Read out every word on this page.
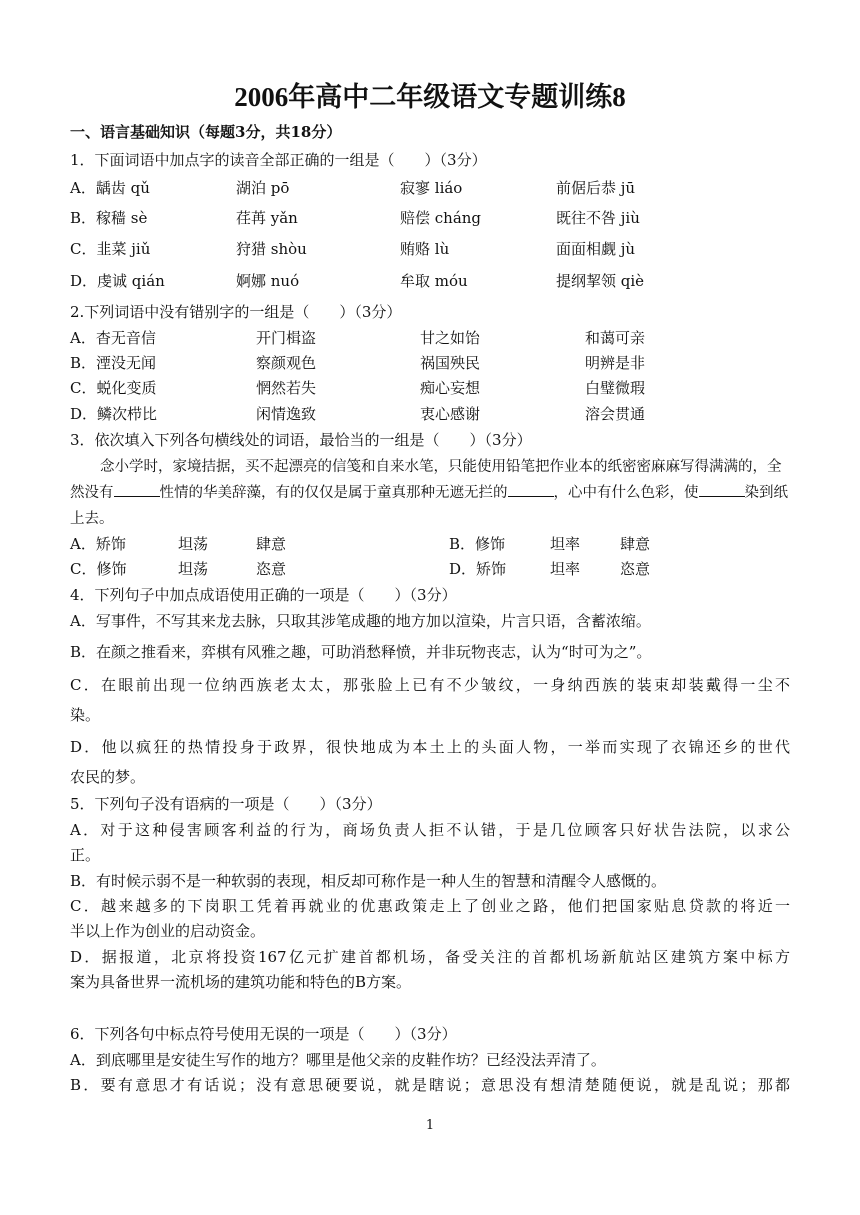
2006年高中二年级语文专题训练8
一、语言基础知识（每题3分，共18分）
1．下面词语中加点字的读音全部正确的一组是（　　）（3分）
A．龋齿 qǔ	湖泊 pō	寂寥 liáo	前倨后恭 jū
B．稼穑 sè	荏苒 yǎn	赔偿 cháng	既往不咎 jiù
C．韭菜 jiǔ	狩猎 shòu	贿赂 lù	面面相觑 jù
D．虔诚 qián	婀娜 nuó	牟取 móu	提纲挈领 qiè
2.下列词语中没有错别字的一组是（　　）（3分）
A．杳无音信	开门楫盗	甘之如饴	和蔼可亲
B．湮没无闻	察颜观色	祸国殃民	明辨是非
C．蜕化变质	惘然若失	痴心妄想	白璧微瑕
D．鳞次栉比	闲情逸致	衷心感谢	溶会贯通
3．依次填入下列各句横线处的词语，最恰当的一组是（　　）（3分）
念小学时，家境拮据，买不起漂亮的信笺和自来水笔，只能使用铅笔把作业本的纸密密麻麻写得满满的，全然没有	性情的华美辞藻，有的仅仅是属于童真那种无遮无拦的	，心中有什么色彩，使	染到纸上去。
A．矫饰	坦荡	肆意	B．修饰	坦率	肆意
C．修饰	坦荡	恣意	D．矫饰	坦率	恣意
4．下列句子中加点成语使用正确的一项是（　　）（3分）
A．写事件，不写其来龙去脉，只取其涉笔成趣的地方加以渲染，片言只语，含蓄浓缩。
B．在颜之推看来，弈棋有风雅之趣，可助消愁释愤，并非玩物丧志，认为“时可为之”。
C．在眼前出现一位纳西族老太太，那张脸上已有不少皱纹，一身纳西族的装束却装戴得一尘不
染。
D．他以疯狂的热情投身于政界，很快地成为本土上的头面人物，一举而实现了衣锦还乡的世代
农民的梦。
5．下列句子没有语病的一项是（　　）（3分）
A．对于这种侵害顾客利益的行为，商场负责人拒不认错，于是几位顾客只好状告法院，以求公
正。
B．有时候示弱不是一种软弱的表现，相反却可称作是一种人生的智慧和清醒令人感慨的。
C．越来越多的下岗职工凭着再就业的优惠政策走上了创业之路，他们把国家贴息贷款的将近一
半以上作为创业的启动资金。
D．据报道，北京将投资167亿元扩建首都机场，备受关注的首都机场新航站区建筑方案中标方
案为具备世界一流机场的建筑功能和特色的B方案。
6．下列各句中标点符号使用无误的一项是（　　）（3分）
A．到底哪里是安徒生写作的地方？哪里是他父亲的皮鞋作坊？已经没法弄清了。
B．要有意思才有话说；没有意思硬要说，就是瞎说；意思没有想清楚随便说，就是乱说；那都
1
